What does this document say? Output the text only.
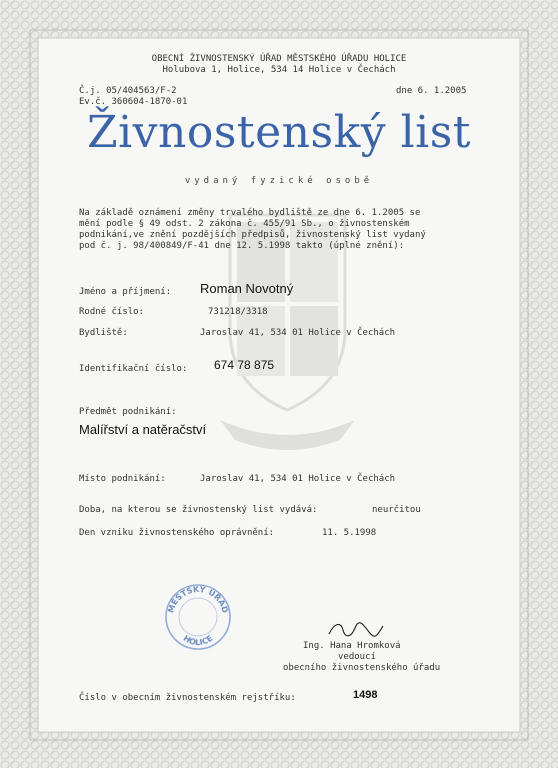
OBECNÍ ŽIVNOSTENSKÝ ÚŘAD MĚSTSKÉHO ÚŘADU HOLICE
Holubova 1, Holice, 534 14 Holice v Čechách
Č.j. 05/404563/F-2
Ev.č. 360604-1870-01
dne 6. 1.2005
Živnostenský list
vydaný fyzické osobě
Na základě oznámení změny trvalého bydliště ze dne 6. 1.2005 se
mění podle § 49 odst. 2 zákona č. 455/91 Sb., o živnostenském
podnikání,ve znění pozdějších předpisů, živnostenský list vydaný
pod č. j. 98/400849/F-41 dne 12. 5.1998 takto (úplné znění):
Jméno a příjmení: Roman Novotný
Rodné číslo:	731218/3318
Bydliště:	Jaroslav 41, 534 01 Holice v Čechách
Identifikační číslo: 674 78 875
Předmět podnikání:
Malířství a natěračství
Místo podnikání:	Jaroslav 41, 534 01 Holice v Čechách
Doba, na kterou se živnostenský list vydává:	neurčitou
Den vzniku živnostenského oprávnění:	11. 5.1998
MĚSTSKÝ ÚŘAD
HOLICE
Ing. Hana Hromková
vedoucí
obecního živnostenského úřadu
Číslo v obecním živnostenském rejstříku:	1498
